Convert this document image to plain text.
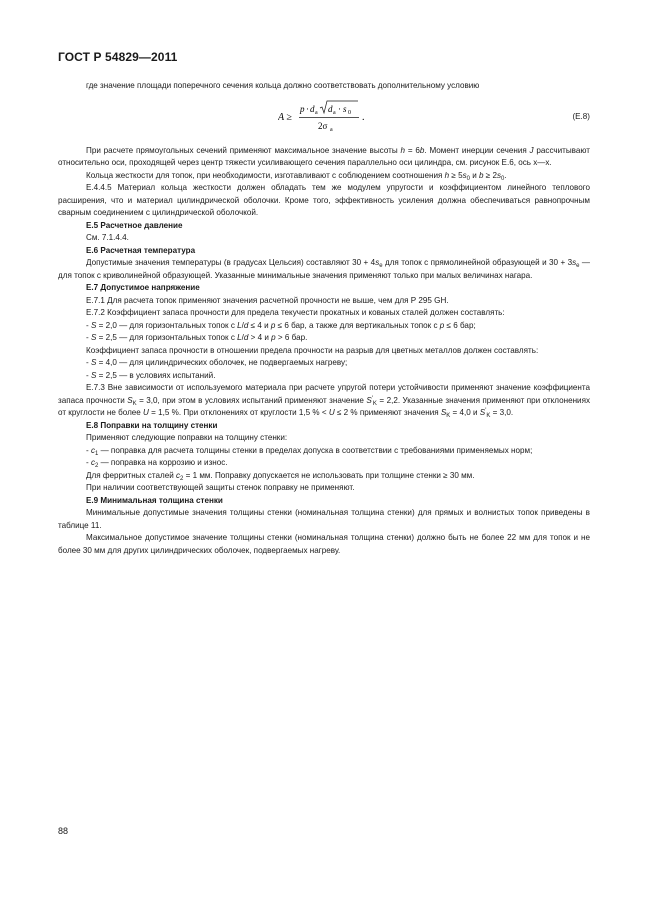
ГОСТ Р 54829—2011

где значение площади поперечного сечения кольца должно соответствовать дополнительному условию

A ≥
p · d a d a · s 0
2σ a
.	(Е.8)

При расчете прямоугольных сечений применяют максимальное значение высоты h = 6b. Момент инерции сечения J рассчитывают относительно оси, проходящей через центр тяжести усиливающего сечения параллельно оси цилиндра, см. рисунок Е.6, ось x—x.

Кольца жесткости для топок, при необходимости, изготавливают с соблюдением соотношения $h \ge 5s_0$ и $b \ge 2s_0$.

Е.4.4.5 Материал кольца жесткости должен обладать тем же модулем упругости и коэффициентом линейного теплового расширения, что и материал цилиндрической оболочки. Кроме того, эффективность усиления должна обеспечиваться равнопрочным сварным соединением с цилиндрической оболочкой.

Е.5 Расчетное давление

См. 7.1.4.4.

Е.6 Расчетная температура

Допустимые значения температуры (в градусах Цельсия) составляют $30 + 4s_e$ для топок с прямолинейной образующей и $30 + 3s_e$ — для топок с криволинейной образующей. Указанные минимальные значения применяют только при малых величинах нагара.

Е.7 Допустимое напряжение

Е.7.1 Для расчета топок применяют значения расчетной прочности не выше, чем для Р 295 GH.

Е.7.2 Коэффициент запаса прочности для предела текучести прокатных и кованых сталей должен составлять:

- S = 2,0 — для горизонтальных топок с L/d ≤ 4 и p ≤ 6 бар, а также для вертикальных топок с p ≤ 6 бар;

- S = 2,5 — для горизонтальных топок с L/d > 4 и p > 6 бар.

Коэффициент запаса прочности в отношении предела прочности на разрыв для цветных металлов должен составлять:

- S = 4,0 — для цилиндрических оболочек, не подвергаемых нагреву;

- S = 2,5 — в условиях испытаний.

Е.7.3 Вне зависимости от используемого материала при расчете упругой потери устойчивости применяют значение коэффициента запаса прочности $S_K = 3,0$, при этом в условиях испытаний применяют значение $S'_K = 2,2$. Указанные значения применяют при отклонениях от круглости не более U = 1,5 %. При отклонениях от круглости 1,5 % < U ≤ 2 % применяют значения $S_K = 4,0$ и $S'_K = 3,0$.

Е.8 Поправки на толщину стенки

Применяют следующие поправки на толщину стенки:

- $c_1$ — поправка для расчета толщины стенки в пределах допуска в соответствии с требованиями применяемых норм;

- $c_2$ — поправка на коррозию и износ.

Для ферритных сталей $c_2 = 1$ мм. Поправку допускается не использовать при толщине стенки ≥ 30 мм.

При наличии соответствующей защиты стенок поправку не применяют.

Е.9 Минимальная толщина стенки

Минимальные допустимые значения толщины стенки (номинальная толщина стенки) для прямых и волнистых топок приведены в таблице 11.

Максимальное допустимое значение толщины стенки (номинальная толщина стенки) должно быть не более 22 мм для топок и не более 30 мм для других цилиндрических оболочек, подвергаемых нагреву.

88
